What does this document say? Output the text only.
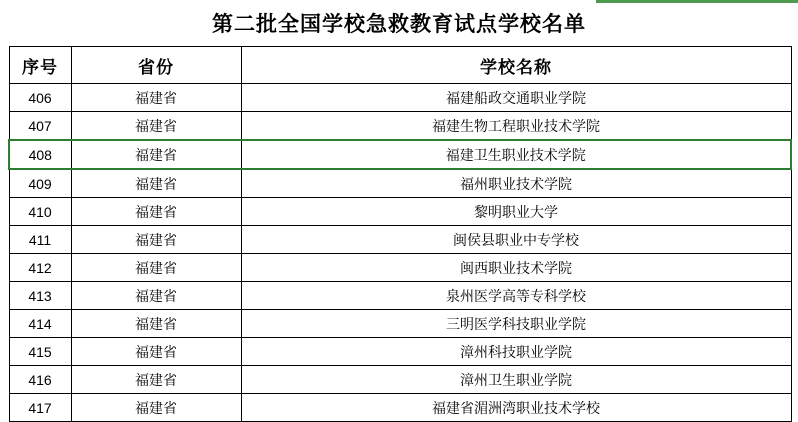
第二批全国学校急救教育试点学校名单
序号	省份	学校名称
406	福建省	福建船政交通职业学院
407	福建省	福建生物工程职业技术学院
408	福建省	福建卫生职业技术学院
409	福建省	福州职业技术学院
410	福建省	黎明职业大学
411	福建省	闽侯县职业中专学校
412	福建省	闽西职业技术学院
413	福建省	泉州医学高等专科学校
414	福建省	三明医学科技职业学院
415	福建省	漳州科技职业学院
416	福建省	漳州卫生职业学院
417	福建省	福建省湄洲湾职业技术学校
